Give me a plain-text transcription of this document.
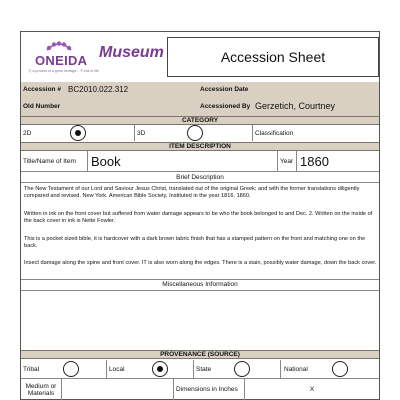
ONEIDA
Ⓡ a product of a great heritage... ® lots of life
Museum	Accession Sheet
Accession # BC2010.022.312	Accession Date
Old Number	Accessioned By Gerzetich, Courtney
CATEGORY
2D	3D	Classification
ITEM DESCRIPTION
Title/Name of Item	Book	Year 1860
Brief Description
The New Testament of our Lord and Saviour Jesus Christ, translated out of the original Greek; and with the former translations diligently compared and revised. New York. American Bible Society, Instituted in the year 1816. 1860.
Written in ink on the front cover but suffered from water damage appears to be who the book belonged to and Dec. 2. Written on the inside of the back cover in ink is Nette Fowler.
This is a pocket sized bible, it is hardcover with a dark brown tabric finish that has a stamped pattern on the front and matching one on the back.
Insect damage along the spine and front cover. IT is also worn along the edges. There is a stain, possibly water damage, down the back cover.
Miscellaneous Information
PROVENANCE (SOURCE)
Tribal	Local	State	National
Medium or Materials	Dimensions in Inches	X
